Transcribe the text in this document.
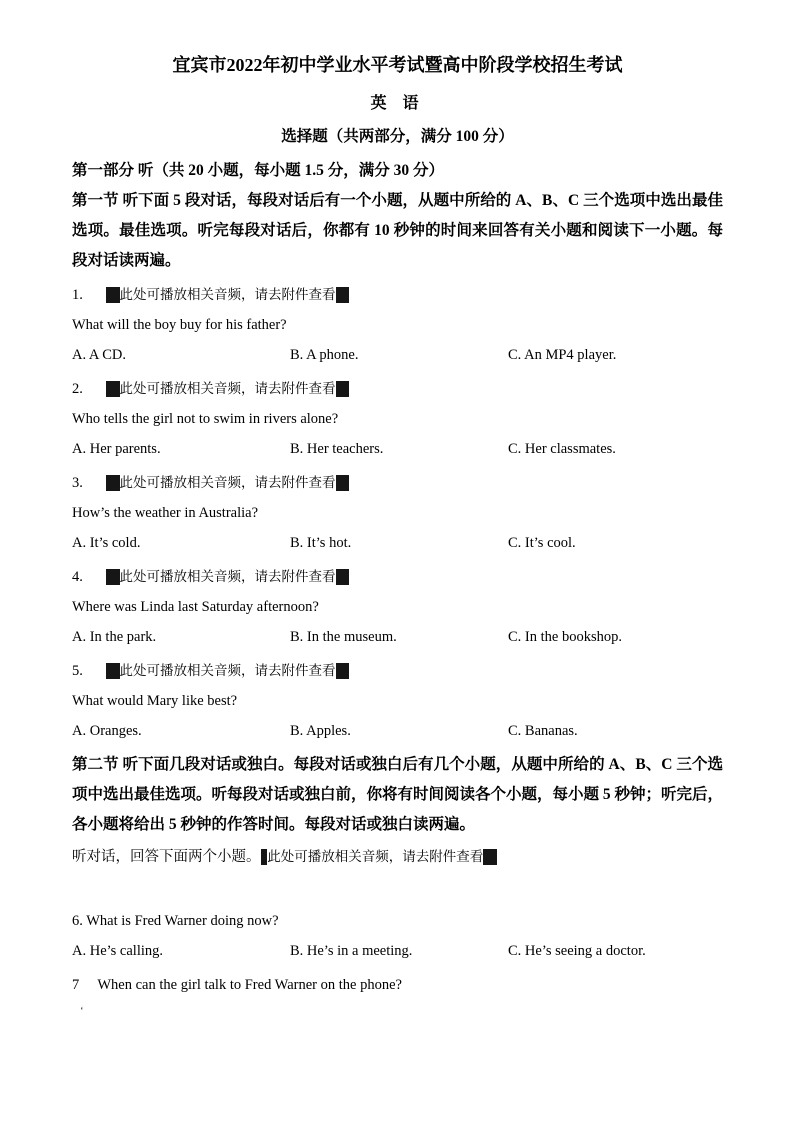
宜宾市2022年初中学业水平考试暨高中阶段学校招生考试
英 语
选择题（共两部分，满分 100 分）
第一部分 听（共 20 小题，每小题 1.5 分，满分 30 分）
第一节 听下面 5 段对话，每段对话后有一个小题，从题中所给的 A、B、C 三个选项中选出最佳选项。最佳选项。听完每段对话后，你都有 10 秒钟的时间来回答有关小题和阅读下一小题。每段对话读两遍。
1. 【此处可播放相关音频，请去附件查看】
What will the boy buy for his father?
A. A CD.	B. A phone.	C. An MP4 player.
2. 【此处可播放相关音频，请去附件查看】
Who tells the girl not to swim in rivers alone?
A. Her parents.	B. Her teachers.	C. Her classmates.
3. 【此处可播放相关音频，请去附件查看】
How’s the weather in Australia?
A. It’s cold.	B. It’s hot.	C. It’s cool.
4. 【此处可播放相关音频，请去附件查看】
Where was Linda last Saturday afternoon?
A. In the park.	B. In the museum.	C. In the bookshop.
5. 【此处可播放相关音频，请去附件查看】
What would Mary like best?
A. Oranges.	B. Apples.	C. Bananas.
第二节 听下面几段对话或独白。每段对话或独白后有几个小题，从题中所给的 A、B、C 三个选项中选出最佳选项。听每段对话或独白前，你将有时间阅读各个小题，每小题 5 秒钟；听完后，各小题将给出 5 秒钟的作答时间。每段对话或独白读两遍。
听对话，回答下面两个小题。【此处可播放相关音频，请去附件查看】
6. What is Fred Warner doing now?
A. He’s calling.	B. He’s in a meeting.	C. He’s seeing a doctor.
7 When can the girl talk to Fred Warner on the phone?
‘
